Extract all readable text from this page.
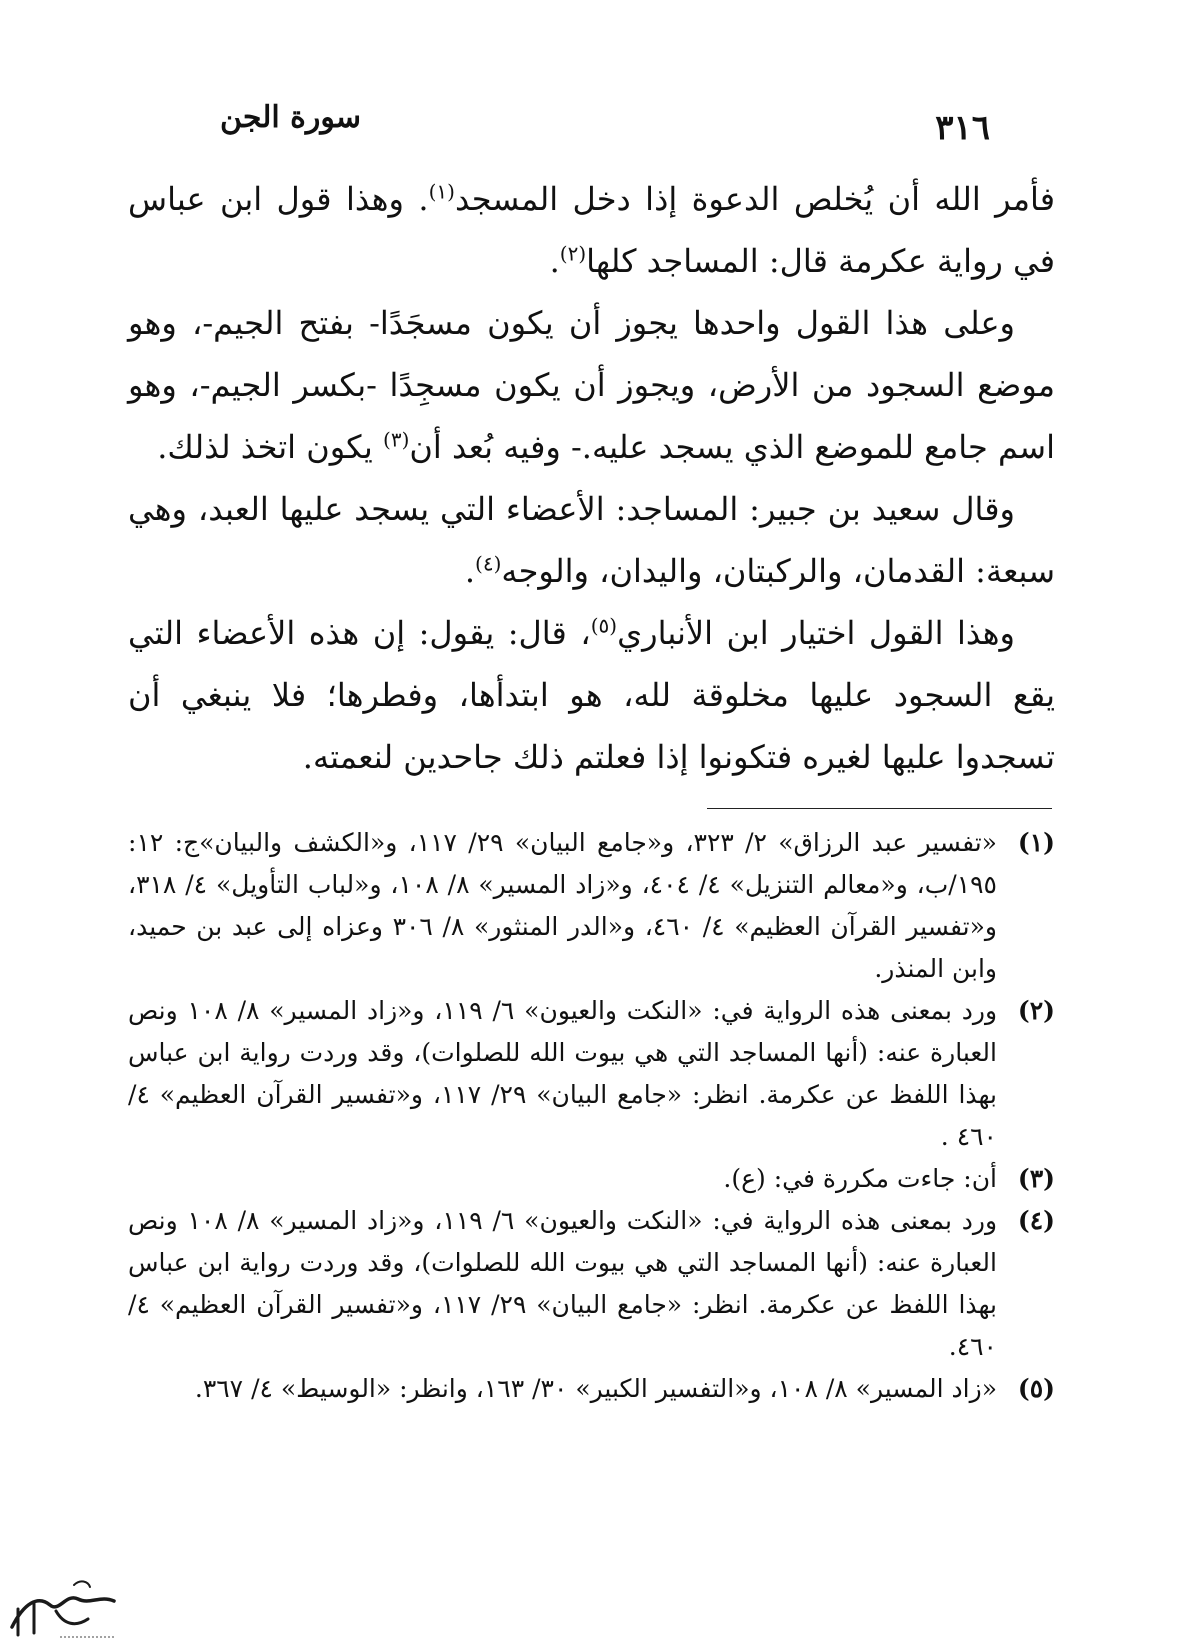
٣١٦
سورة الجن

فأمر الله أن يُخلص الدعوة إذا دخل المسجد$^{(١)}$. وهذا قول ابن عباس في رواية عكرمة قال: المساجد كلها$^{(٢)}$.

وعلى هذا القول واحدها يجوز أن يكون مسجَدًا- بفتح الجيم-، وهو موضع السجود من الأرض، ويجوز أن يكون مسجِدًا -بكسر الجيم-، وهو اسم جامع للموضع الذي يسجد عليه.- وفيه بُعد أن$^{(٣)}$ يكون اتخذ لذلك.

وقال سعيد بن جبير: المساجد: الأعضاء التي يسجد عليها العبد، وهي سبعة: القدمان، والركبتان، واليدان، والوجه$^{(٤)}$.

وهذا القول اختيار ابن الأنباري$^{(٥)}$، قال: يقول: إن هذه الأعضاء التي يقع السجود عليها مخلوقة لله، هو ابتدأها، وفطرها؛ فلا ينبغي أن تسجدوا عليها لغيره فتكونوا إذا فعلتم ذلك جاحدين لنعمته.

(١)
«تفسير عبد الرزاق» ٢/ ٣٢٣، و«جامع البيان» ٢٩/ ١١٧، و«الكشف والبيان»ج: ١٢: ١٩٥/ب، و«معالم التنزيل» ٤/ ٤٠٤، و«زاد المسير» ٨/ ١٠٨، و«لباب التأويل» ٤/ ٣١٨، و«تفسير القرآن العظيم» ٤/ ٤٦٠، و«الدر المنثور» ٨/ ٣٠٦ وعزاه إلى عبد بن حميد، وابن المنذر.
(٢)
ورد بمعنى هذه الرواية في: «النكت والعيون» ٦/ ١١٩، و«زاد المسير» ٨/ ١٠٨ ونص العبارة عنه: (أنها المساجد التي هي بيوت الله للصلوات)، وقد وردت رواية ابن عباس بهذا اللفظ عن عكرمة. انظر: «جامع البيان» ٢٩/ ١١٧، و«تفسير القرآن العظيم» ٤/ ٤٦٠ .
(٣)
أن: جاءت مكررة في: (ع).
(٤)
ورد بمعنى هذه الرواية في: «النكت والعيون» ٦/ ١١٩، و«زاد المسير» ٨/ ١٠٨ ونص العبارة عنه: (أنها المساجد التي هي بيوت الله للصلوات)، وقد وردت رواية ابن عباس بهذا اللفظ عن عكرمة. انظر: «جامع البيان» ٢٩/ ١١٧، و«تفسير القرآن العظيم» ٤/ ٤٦٠.
(٥)
«زاد المسير» ٨/ ١٠٨، و«التفسير الكبير» ٣٠/ ١٦٣، وانظر: «الوسيط» ٤/ ٣٦٧.
